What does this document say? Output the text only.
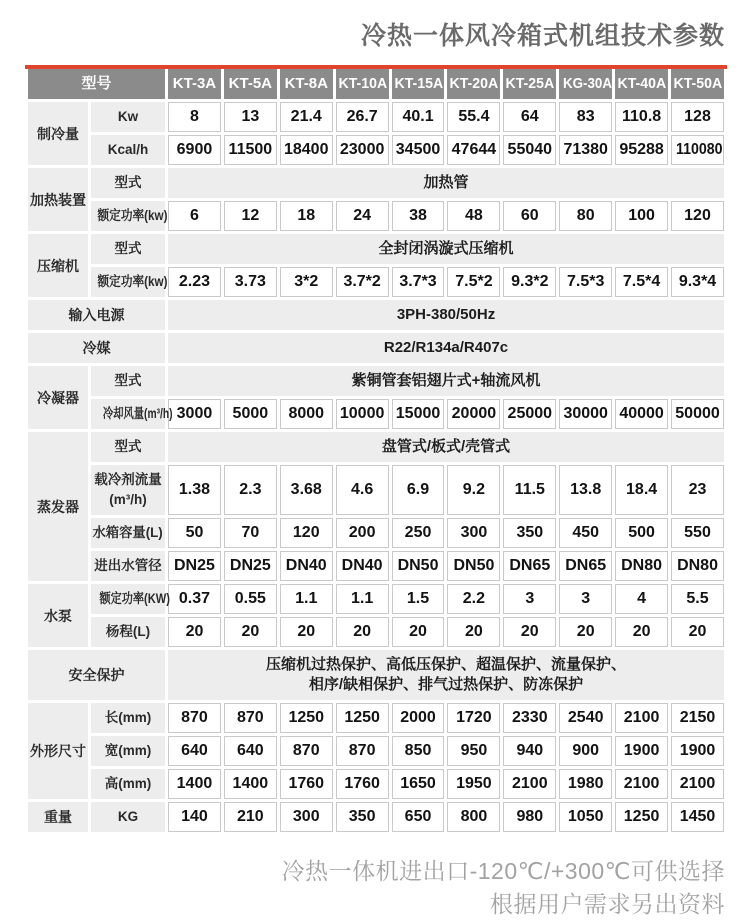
冷热一体风冷箱式机组技术参数
型号		KT-3A	KT-5A	KT-8A	KT-10A	KT-15A	KT-20A	KT-25A	KG-30A	KT-40A	KT-50A
制冷量	Kw	8	13	21.4	26.7	40.1	55.4	64	83	110.8	128
	Kcal/h	6900	11500	18400	23000	34500	47644	55040	71380	95288	110080
加热装置	型式	加热管									
	额定功率(kw)	6	12	18	24	38	48	60	80	100	120
压缩机	型式	全封闭涡漩式压缩机									
	额定功率(kw)	2.23	3.73	3*2	3.7*2	3.7*3	7.5*2	9.3*2	7.5*3	7.5*4	9.3*4
输入电源		3PH-380/50Hz									
冷媒		R22/R134a/R407c									
冷凝器	型式	紫铜管套铝翅片式+轴流风机									
	冷却风量(m³/h)	3000	5000	8000	10000	15000	20000	25000	30000	40000	50000
蒸发器	型式	盘管式/板式/壳管式									
	载冷剂流量
(m³/h)	1.38	2.3	3.68	4.6	6.9	9.2	11.5	13.8	18.4	23
	水箱容量(L)	50	70	120	200	250	300	350	450	500	550
	进出水管径	DN25	DN25	DN40	DN40	DN50	DN50	DN65	DN65	DN80	DN80
水泵	额定功率(KW)	0.37	0.55	1.1	1.1	1.5	2.2	3	3	4	5.5
	杨程(L)	20	20	20	20	20	20	20	20	20	20
安全保护		压缩机过热保护、高低压保护、超温保护、流量保护、
相序/缺相保护、排气过热保护、防冻保护									
外形尺寸	长(mm)	870	870	1250	1250	2000	1720	2330	2540	2100	2150
	宽(mm)	640	640	870	870	850	950	940	900	1900	1900
	高(mm)	1400	1400	1760	1760	1650	1950	2100	1980	2100	2100
重量	KG	140	210	300	350	650	800	980	1050	1250	1450
冷热一体机进出口-120℃/+300℃可供选择
根据用户需求另出资料
